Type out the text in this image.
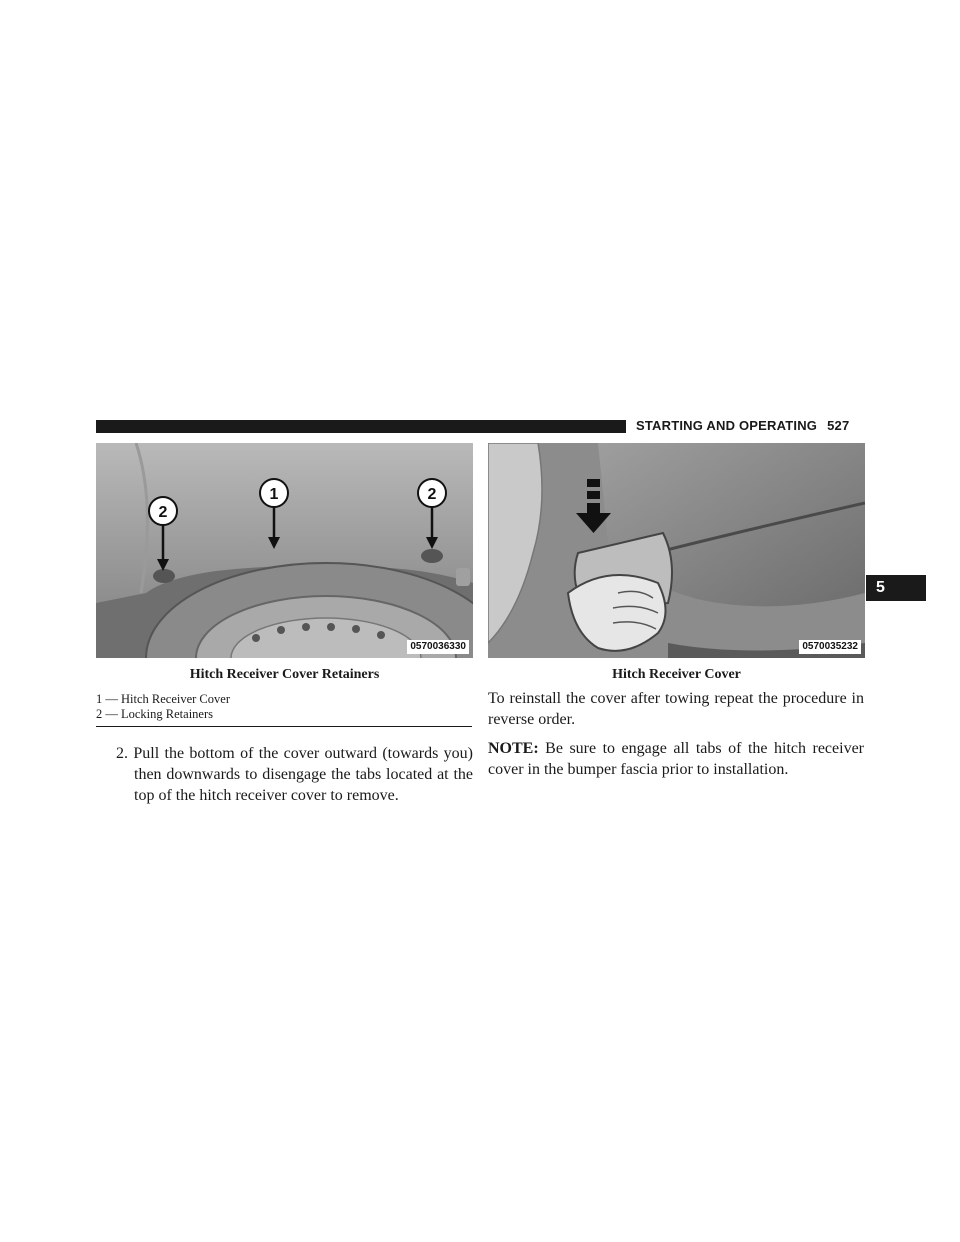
STARTING AND OPERATING 527
2
1	2
0570036330
Hitch Receiver Cover Retainers
1 — Hitch Receiver Cover
2 — Locking Retainers
0570035232
Hitch Receiver Cover
2. Pull the bottom of the cover outward (towards you) then downwards to disengage the tabs located at the top of the hitch receiver cover to remove.
To reinstall the cover after towing repeat the procedure in reverse order.
NOTE: Be sure to engage all tabs of the hitch receiver cover in the bumper fascia prior to installation.
5
